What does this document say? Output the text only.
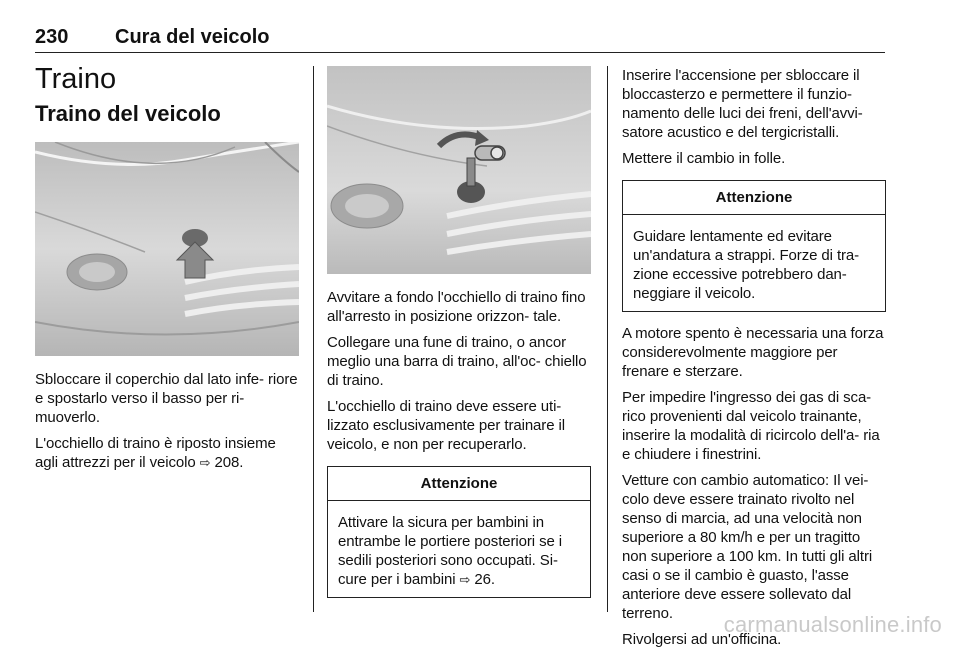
230 Cura del veicolo
Traino
Traino del veicolo

Sbloccare il coperchio dal lato infe- riore e spostarlo verso il basso per ri- muoverlo.

L'occhiello di traino è riposto insieme agli attrezzi per il veicolo ⇨ 208.

Avvitare a fondo l'occhiello di traino fino all'arresto in posizione orizzon- tale.

Collegare una fune di traino, o ancor meglio una barra di traino, all'oc- chiello di traino.

L'occhiello di traino deve essere uti- lizzato esclusivamente per trainare il veicolo, e non per recuperarlo.

Attenzione

Attivare la sicura per bambini in entrambe le portiere posteriori se i sedili posteriori sono occupati. Si- cure per i bambini ⇨ 26.

Inserire l'accensione per sbloccare il bloccasterzo e permettere il funzio- namento delle luci dei freni, dell'avvi- satore acustico e del tergicristalli.

Mettere il cambio in folle.

Attenzione

Guidare lentamente ed evitare un'andatura a strappi. Forze di tra- zione eccessive potrebbero dan- neggiare il veicolo.

A motore spento è necessaria una forza considerevolmente maggiore per frenare e sterzare.

Per impedire l'ingresso dei gas di sca- rico provenienti dal veicolo trainante, inserire la modalità di ricircolo dell'a- ria e chiudere i finestrini.

Vetture con cambio automatico: Il vei- colo deve essere trainato rivolto nel senso di marcia, ad una velocità non superiore a 80 km/h e per un tragitto non superiore a 100 km. In tutti gli altri casi o se il cambio è guasto, l'asse anteriore deve essere sollevato dal terreno.

Rivolgersi ad un'officina.

carmanualsonline.info
